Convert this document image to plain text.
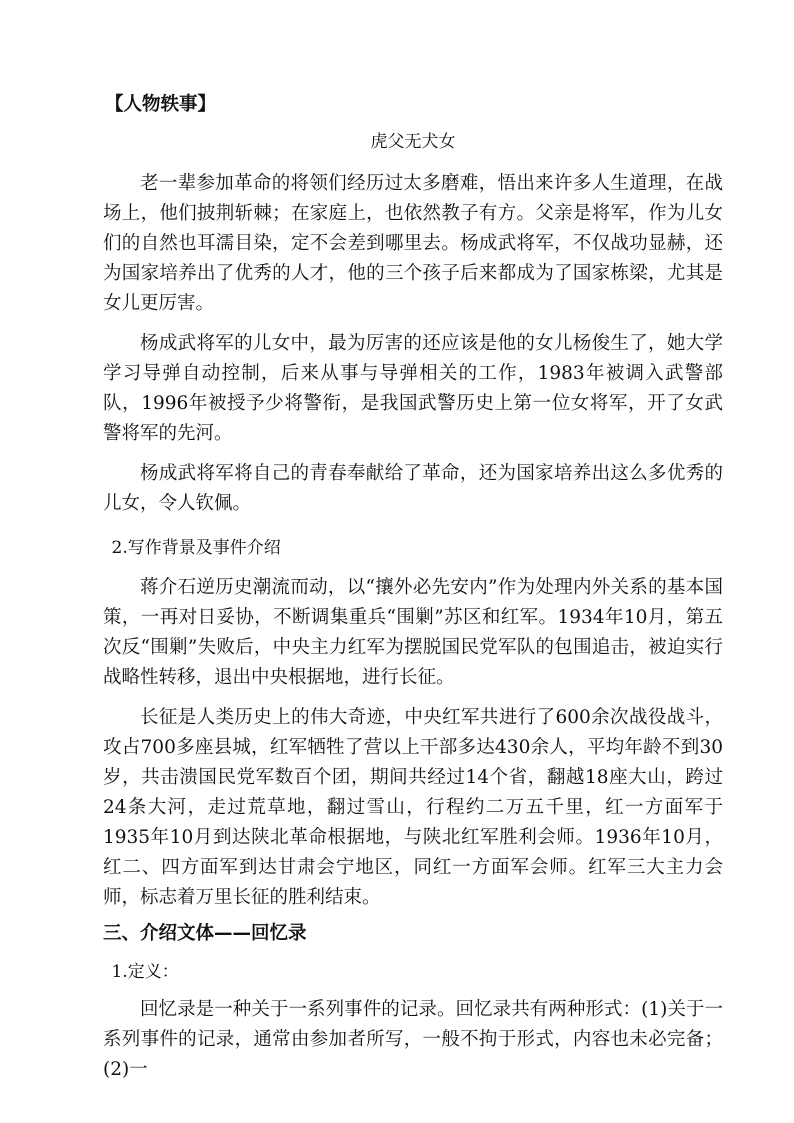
【人物轶事】

虎父无犬女

老一辈参加革命的将领们经历过太多磨难，悟出来许多人生道理，在战场上，他们披荆斩棘；在家庭上，也依然教子有方。父亲是将军，作为儿女们的自然也耳濡目染，定不会差到哪里去。杨成武将军，不仅战功显赫，还为国家培养出了优秀的人才，他的三个孩子后来都成为了国家栋梁，尤其是女儿更厉害。

杨成武将军的儿女中，最为厉害的还应该是他的女儿杨俊生了，她大学学习导弹自动控制，后来从事与导弹相关的工作，1983年被调入武警部队，1996年被授予少将警衔，是我国武警历史上第一位女将军，开了女武警将军的先河。

杨成武将军将自己的青春奉献给了革命，还为国家培养出这么多优秀的儿女，令人钦佩。

2.写作背景及事件介绍

蒋介石逆历史潮流而动，以“攘外必先安内”作为处理内外关系的基本国策，一再对日妥协，不断调集重兵“围剿”苏区和红军。1934年10月，第五次反“围剿”失败后，中央主力红军为摆脱国民党军队的包围追击，被迫实行战略性转移，退出中央根据地，进行长征。

长征是人类历史上的伟大奇迹，中央红军共进行了600余次战役战斗，攻占700多座县城，红军牺牲了营以上干部多达430余人，平均年龄不到30岁，共击溃国民党军数百个团，期间共经过14个省，翻越18座大山，跨过24条大河，走过荒草地，翻过雪山，行程约二万五千里，红一方面军于1935年10月到达陕北革命根据地，与陕北红军胜利会师。1936年10月，红二、四方面军到达甘肃会宁地区，同红一方面军会师。红军三大主力会师，标志着万里长征的胜利结束。

三、介绍文体——回忆录

1.定义：

回忆录是一种关于一系列事件的记录。回忆录共有两种形式：(1)关于一系列事件的记录，通常由参加者所写，一般不拘于形式，内容也未必完备；(2)一
